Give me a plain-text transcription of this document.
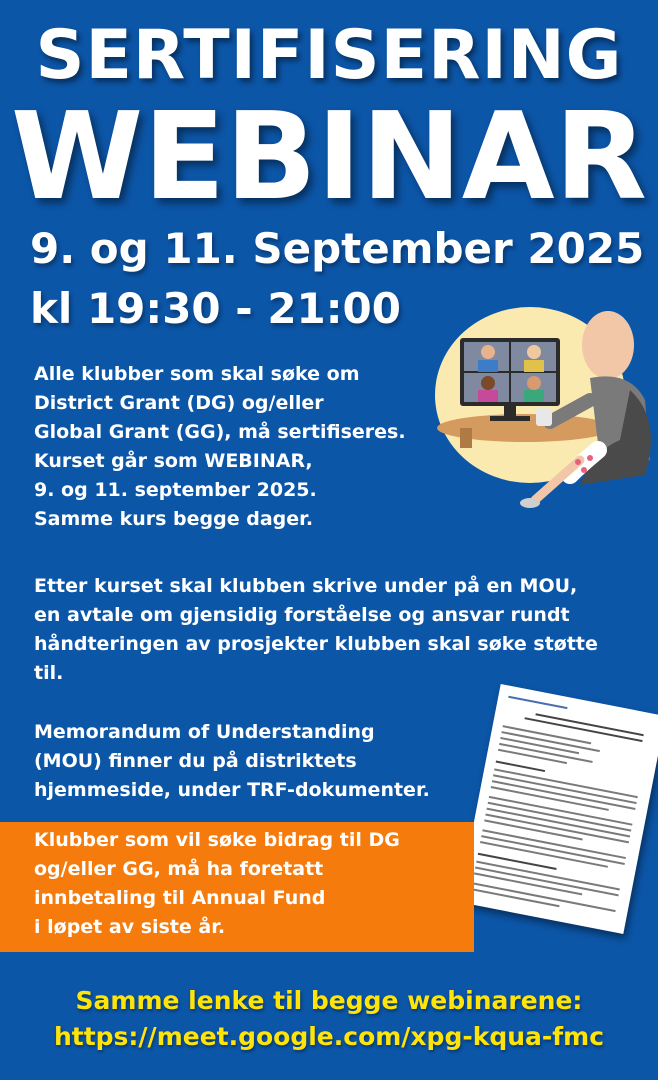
SERTIFISERING
WEBINAR
9. og 11. September 2025
kl 19:30 - 21:00
Alle klubber som skal søke om
District Grant (DG) og/eller
Global Grant (GG), må sertifiseres.
Kurset går som WEBINAR,
9. og 11. september 2025.
Samme kurs begge dager.
Etter kurset skal klubben skrive under på en MOU,
en avtale om gjensidig forståelse og ansvar rundt
håndteringen av prosjekter klubben skal søke støtte
til.
Memorandum of Understanding
(MOU) finner du på distriktets
hjemmeside, under TRF-dokumenter.
Klubber som vil søke bidrag til DG
og/eller GG, må ha foretatt
innbetaling til Annual Fund
i løpet av siste år.
Samme lenke til begge webinarene:
https://meet.google.com/xpg-kqua-fmc
